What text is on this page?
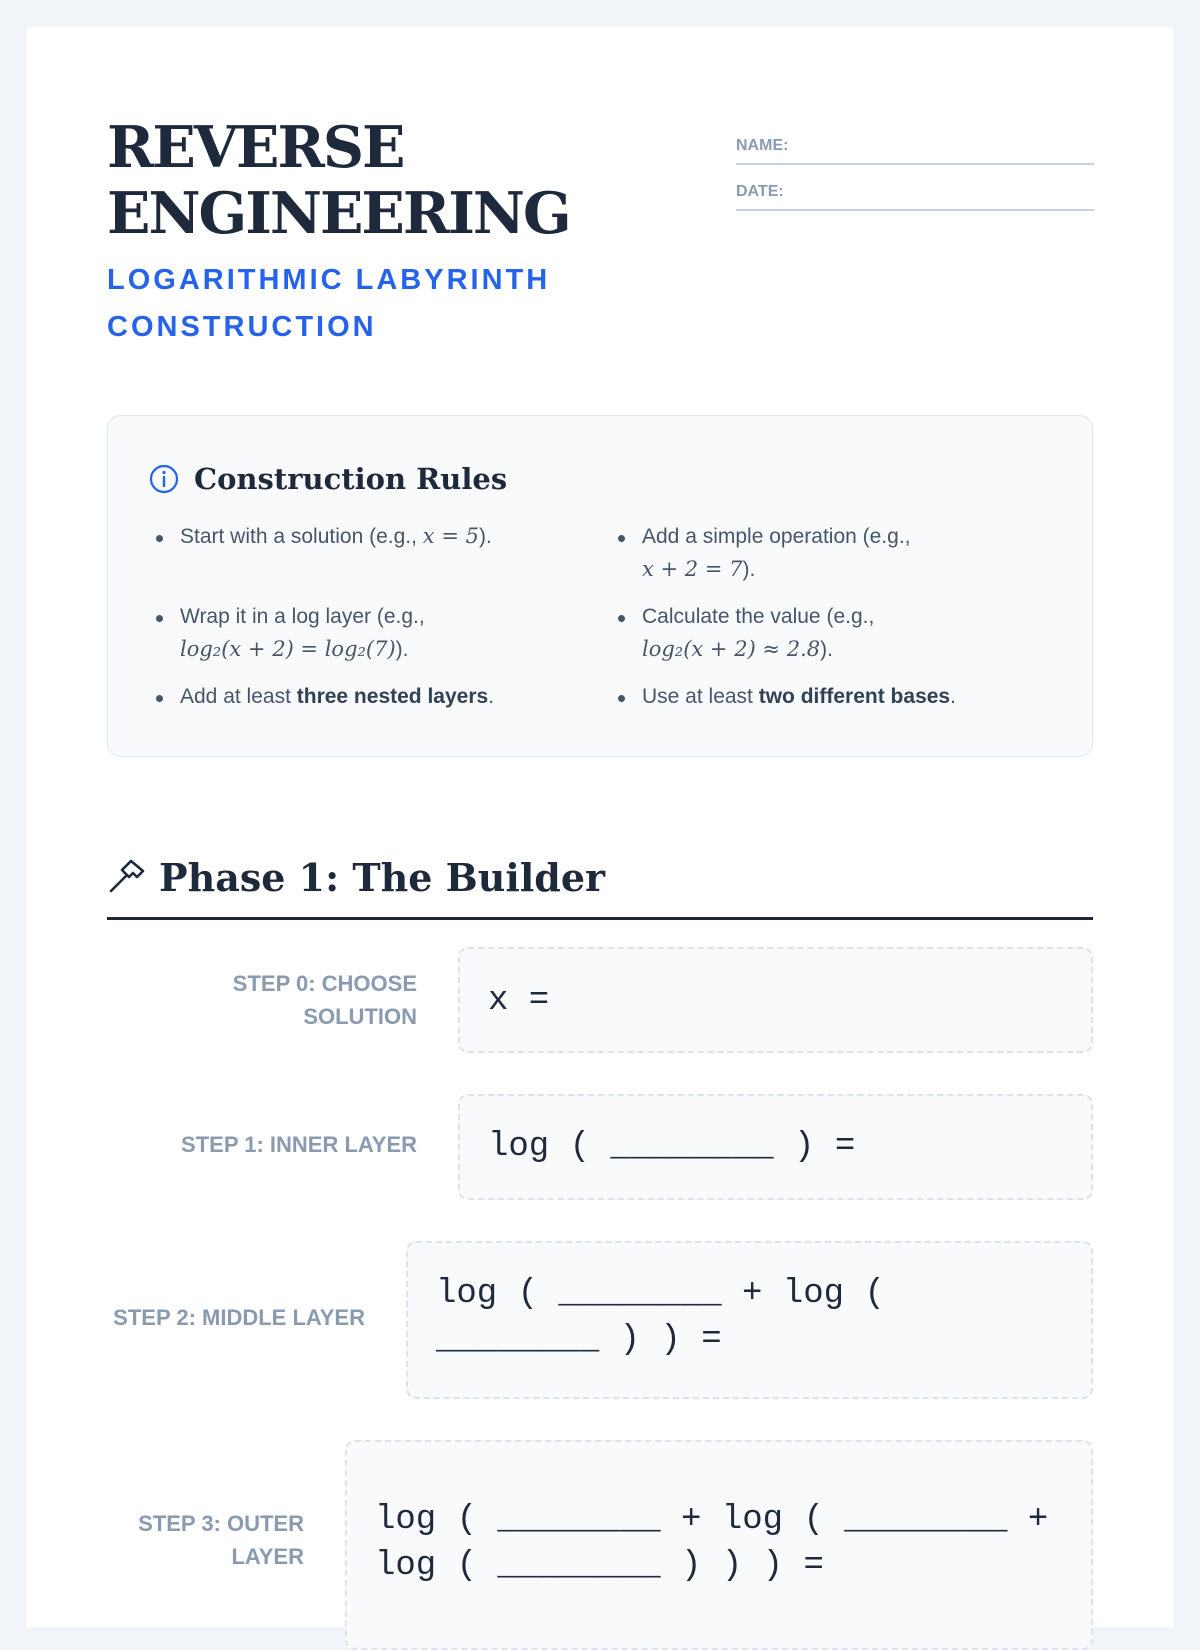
REVERSE
ENGINEERING
LOGARITHMIC LABYRINTH
CONSTRUCTION
NAME:
DATE:
Construction Rules
Start with a solution (e.g., x = 5).	Add a simple operation (e.g.,
x + 2 = 7).
Wrap it in a log layer (e.g.,
log₂(x + 2) = log₂(7)).
Calculate the value (e.g.,
log₂(x + 2) ≈ 2.8).
Add at least three nested layers.	Use at least two different bases.
Phase 1: The Builder
STEP 0: CHOOSE
SOLUTION x =
STEP 1: INNER LAYER log ( ________ ) =
STEP 2: MIDDLE LAYER
log ( ________ + log (
________ ) ) =
STEP 3: OUTER
LAYER
log ( ________ + log ( ________ +
log ( ________ ) ) ) =
